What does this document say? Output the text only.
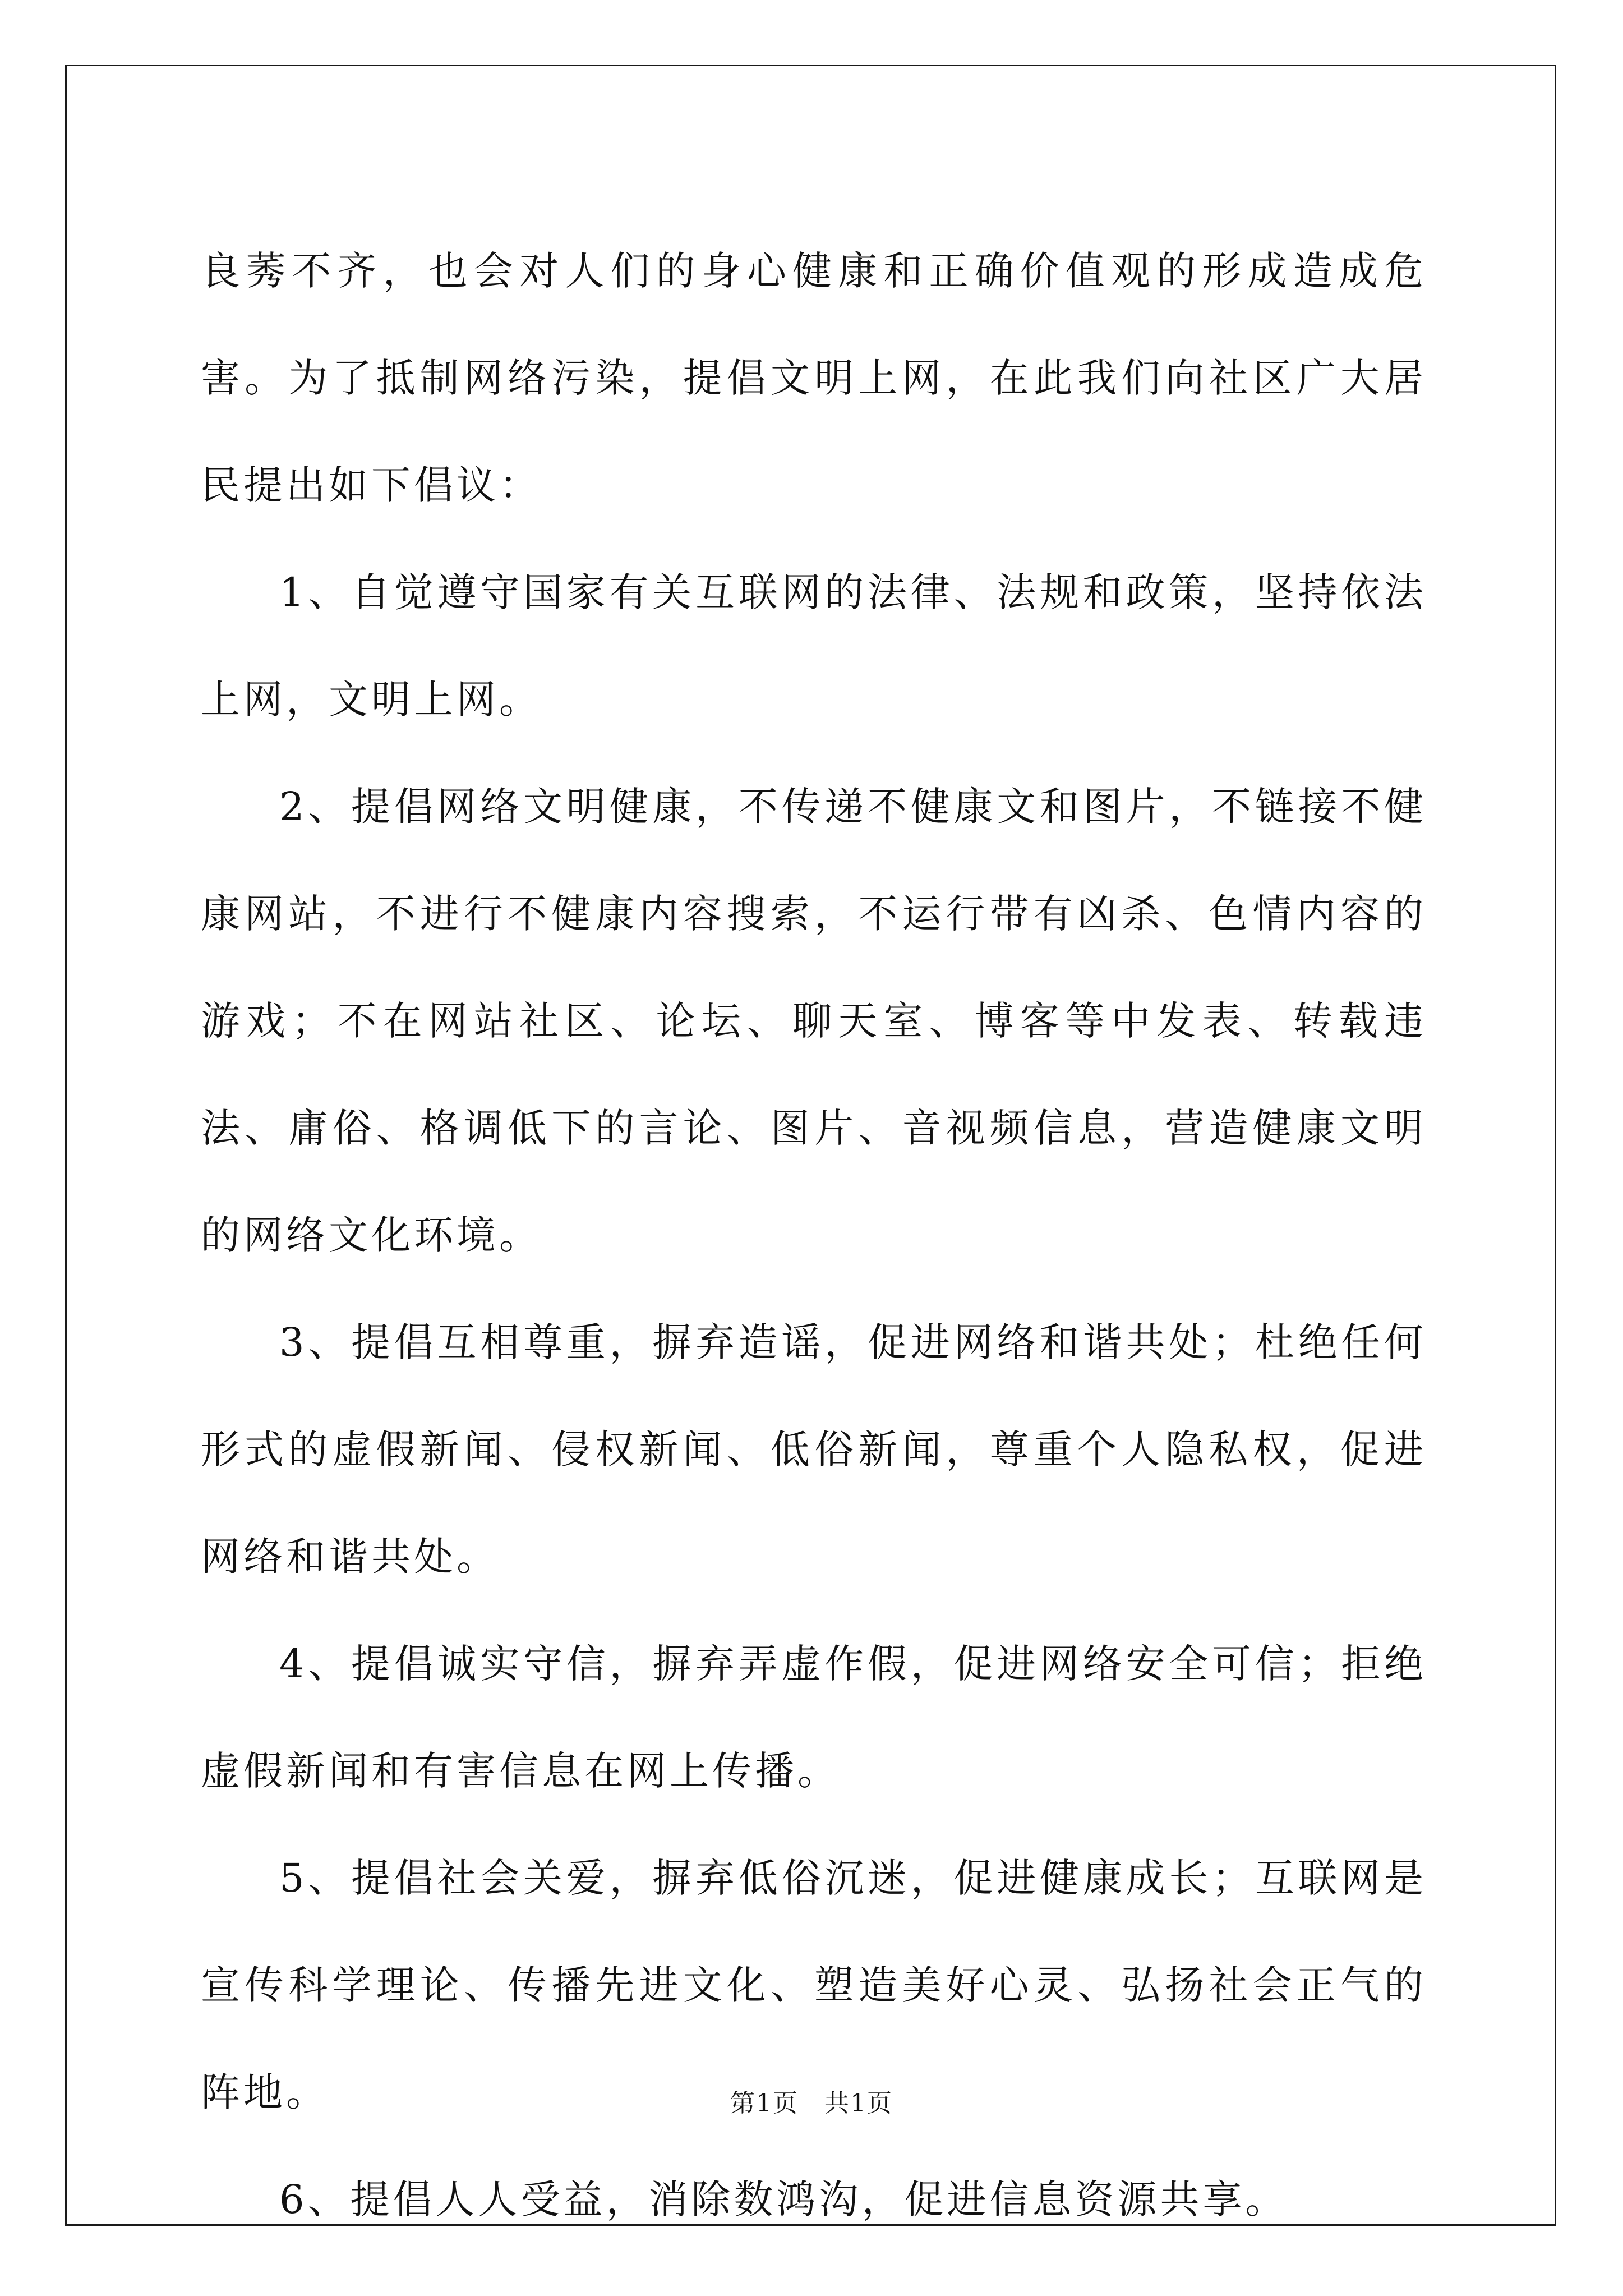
良莠不齐，也会对人们的身心健康和正确价值观的形成造成危害。为了抵制网络污染，提倡文明上网，在此我们向社区广大居民提出如下倡议：

1、自觉遵守国家有关互联网的法律、法规和政策，坚持依法上网，文明上网。

2、提倡网络文明健康，不传递不健康文和图片，不链接不健康网站，不进行不健康内容搜索，不运行带有凶杀、色情内容的游戏；不在网站社区、论坛、聊天室、博客等中发表、转载违法、庸俗、格调低下的言论、图片、音视频信息，营造健康文明的网络文化环境。

3、提倡互相尊重，摒弃造谣，促进网络和谐共处；杜绝任何形式的虚假新闻、侵权新闻、低俗新闻，尊重个人隐私权，促进网络和谐共处。

4、提倡诚实守信，摒弃弄虚作假，促进网络安全可信；拒绝虚假新闻和有害信息在网上传播。

5、提倡社会关爱，摒弃低俗沉迷，促进健康成长；互联网是宣传科学理论、传播先进文化、塑造美好心灵、弘扬社会正气的阵地。

6、提倡人人受益，消除数鸿沟，促进信息资源共享。

第1页　共1页
